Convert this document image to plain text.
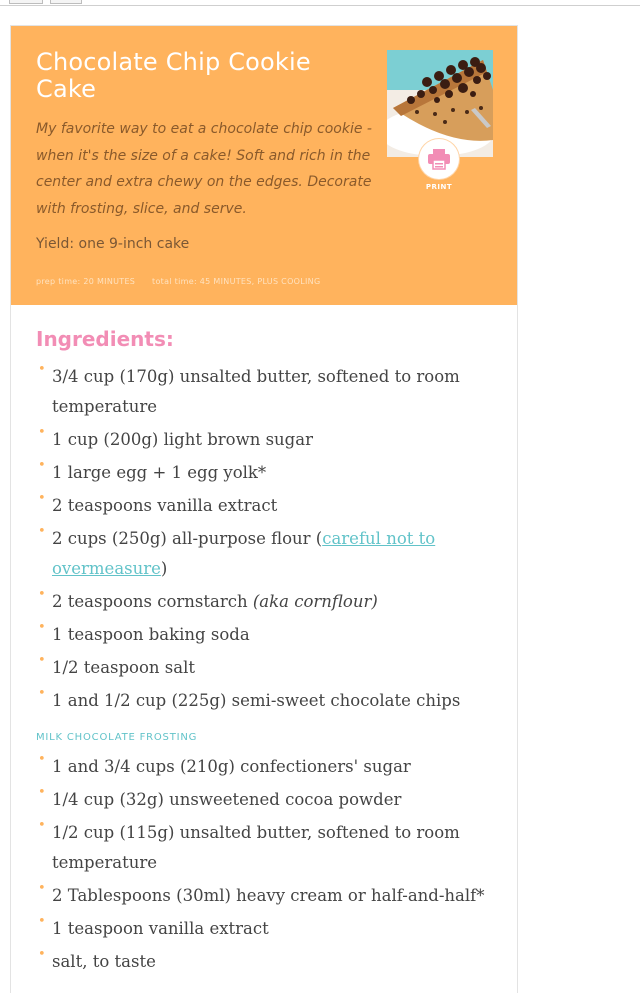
Chocolate Chip Cookie Cake

My favorite way to eat a chocolate chip cookie - when it's the size of a cake! Soft and rich in the center and extra chewy on the edges. Decorate with frosting, slice, and serve.

Yield: one 9-inch cake
prep time: 20 MINUTES total time: 45 MINUTES, PLUS COOLING
PRINT
Ingredients:
• 3/4 cup (170g) unsalted butter, softened to room temperature
• 1 cup (200g) light brown sugar
• 1 large egg + 1 egg yolk*
• 2 teaspoons vanilla extract
• 2 cups (250g) all-purpose flour (careful not to overmeasure)
• 2 teaspoons cornstarch (aka cornflour)
• 1 teaspoon baking soda
• 1/2 teaspoon salt
• 1 and 1/2 cup (225g) semi-sweet chocolate chips
MILK CHOCOLATE FROSTING
• 1 and 3/4 cups (210g) confectioners' sugar
• 1/4 cup (32g) unsweetened cocoa powder
• 1/2 cup (115g) unsalted butter, softened to room temperature
• 2 Tablespoons (30ml) heavy cream or half-and-half*
• 1 teaspoon vanilla extract
• salt, to taste
